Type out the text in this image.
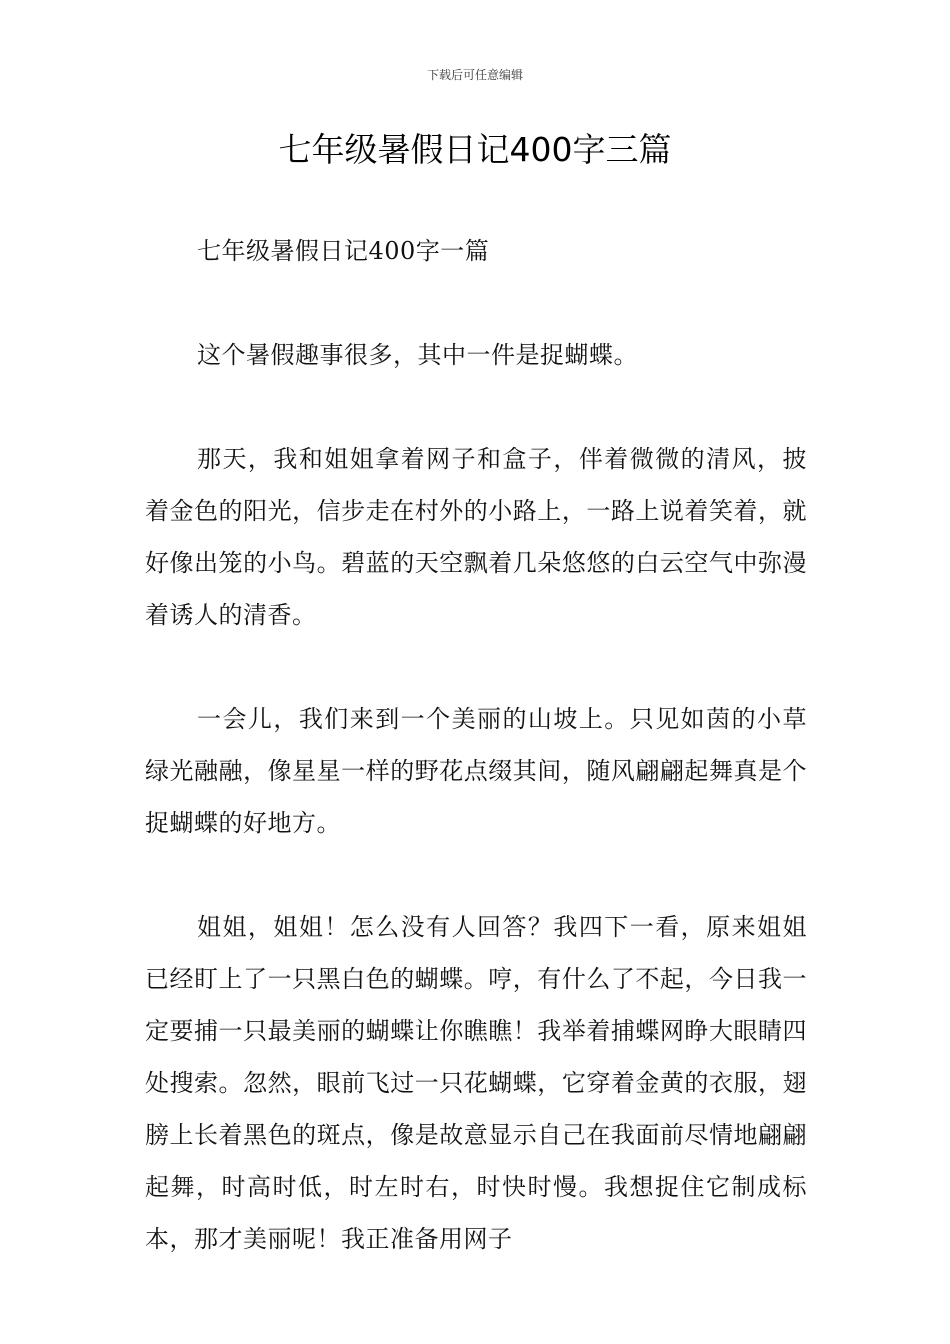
下载后可任意编辑
七年级暑假日记400字三篇

七年级暑假日记400字一篇

这个暑假趣事很多，其中一件是捉蝴蝶。

那天，我和姐姐拿着网子和盒子，伴着微微的清风，披着金色的阳光，信步走在村外的小路上，一路上说着笑着，就好像出笼的小鸟。碧蓝的天空飘着几朵悠悠的白云空气中弥漫着诱人的清香。

一会儿，我们来到一个美丽的山坡上。只见如茵的小草绿光融融，像星星一样的野花点缀其间，随风翩翩起舞真是个捉蝴蝶的好地方。

姐姐，姐姐！怎么没有人回答？我四下一看，原来姐姐已经盯上了一只黑白色的蝴蝶。哼，有什么了不起，今日我一定要捕一只最美丽的蝴蝶让你瞧瞧！我举着捕蝶网睁大眼睛四处搜索。忽然，眼前飞过一只花蝴蝶，它穿着金黄的衣服，翅膀上长着黑色的斑点，像是故意显示自己在我面前尽情地翩翩起舞，时高时低，时左时右，时快时慢。我想捉住它制成标本，那才美丽呢！我正准备用网子
